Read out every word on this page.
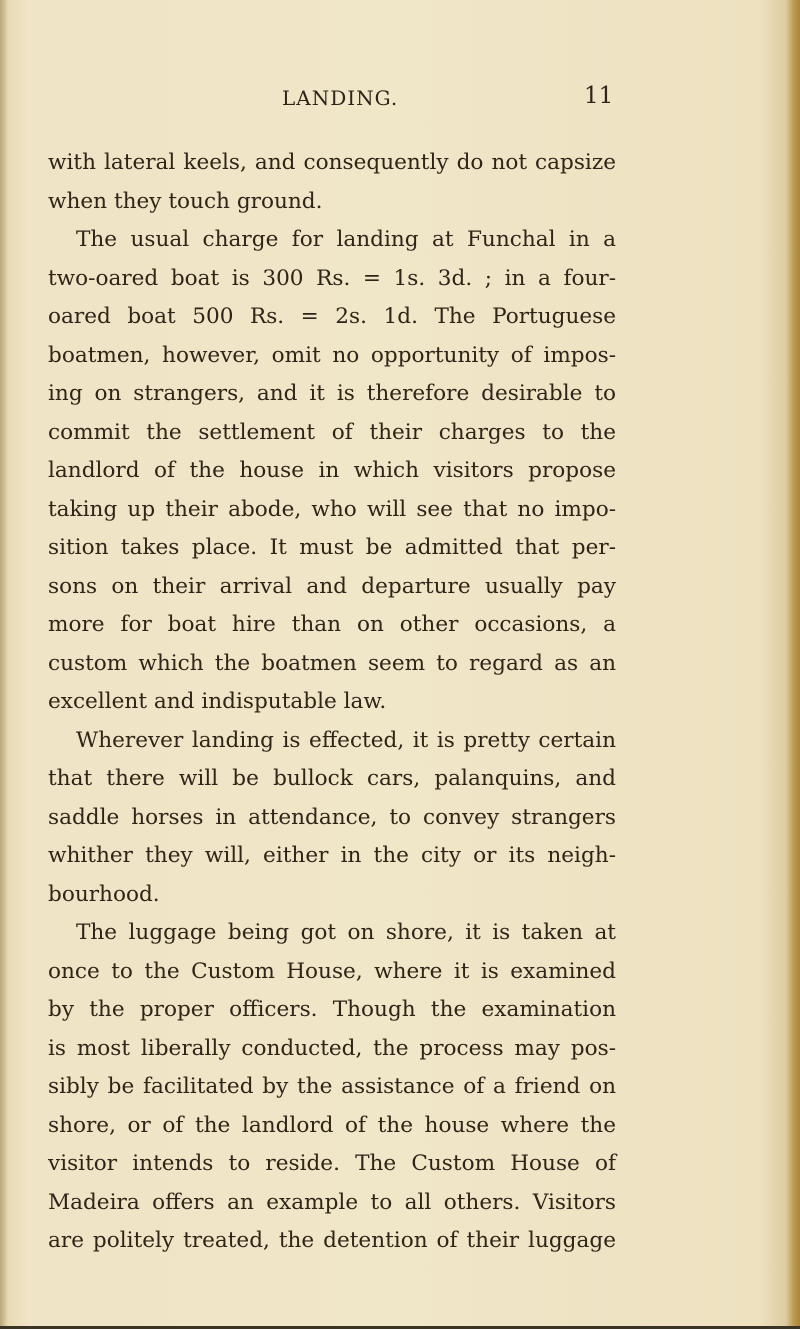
LANDING.	11
with lateral keels, and consequently do not capsize
when they touch ground.
The usual charge for landing at Funchal in a
two-oared boat is 300 Rs. = 1s. 3d. ; in a four-
oared boat 500 Rs. = 2s. 1d. The Portuguese
boatmen, however, omit no opportunity of impos-
ing on strangers, and it is therefore desirable to
commit the settlement of their charges to the
landlord of the house in which visitors propose
taking up their abode, who will see that no impo-
sition takes place. It must be admitted that per-
sons on their arrival and departure usually pay
more for boat hire than on other occasions, a
custom which the boatmen seem to regard as an
excellent and indisputable law.
Wherever landing is effected, it is pretty certain
that there will be bullock cars, palanquins, and
saddle horses in attendance, to convey strangers
whither they will, either in the city or its neigh-
bourhood.
The luggage being got on shore, it is taken at
once to the Custom House, where it is examined
by the proper officers. Though the examination
is most liberally conducted, the process may pos-
sibly be facilitated by the assistance of a friend on
shore, or of the landlord of the house where the
visitor intends to reside. The Custom House of
Madeira offers an example to all others. Visitors
are politely treated, the detention of their luggage
